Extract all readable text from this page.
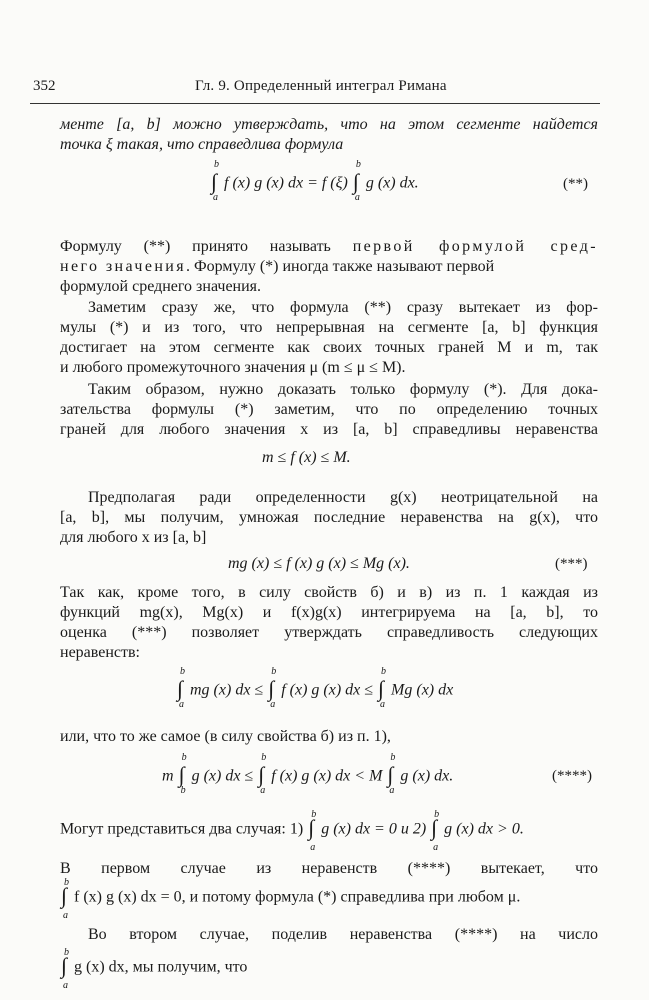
352	Гл. 9. Определенный интеграл Римана
менте [a, b] можно утверждать, что на этом сегменте найдется
точка ξ такая, что справедлива формула
∫
b
a
f (x) g (x) dx = f (ξ) ∫
b
a
g (x) dx.	(**)
Формулу (**) принято называть первой формулой сред-
него значения. Формулу (*) иногда также называют первой
формулой среднего значения.
Заметим сразу же, что формула (**) сразу вытекает из фор-
мулы (*) и из того, что непрерывная на сегменте [a, b] функция
достигает на этом сегменте как своих точных граней M и m, так
и любого промежуточного значения μ (m ≤ μ ≤ M).
Таким образом, нужно доказать только формулу (*). Для дока-
зательства формулы (*) заметим, что по определению точных
граней для любого значения x из [a, b] справедливы неравенства
m ≤ f (x) ≤ M.
Предполагая ради определенности g(x) неотрицательной на
[a, b], мы получим, умножая последние неравенства на g(x), что
для любого x из [a, b]
mg (x) ≤ f (x) g (x) ≤ Mg (x).	(***)
Так как, кроме того, в силу свойств б) и в) из п. 1 каждая из
функций mg(x), Mg(x) и f(x)g(x) интегрируема на [a, b], то
оценка (***) позволяет утверждать справедливость следующих
неравенств:
∫
b
a
mg (x) dx ≤ ∫
b
a
f (x) g (x) dx ≤ ∫
b
a
Mg (x) dx
или, что то же самое (в силу свойства б) из п. 1),
m ∫
b
b
g (x) dx ≤ ∫
b
a
f (x) g (x) dx < M ∫
b
a
g (x) dx.	(****)
Могут представиться два случая: 1) ∫
b
a
g (x) dx = 0 и 2) ∫
b
a
g (x) dx > 0.
В первом случае из неравенств (****) вытекает, что
∫
b
a
f (x) g (x) dx = 0, и потому формула (*) справедлива при любом μ.
Во втором случае, поделив неравенства (****) на число
∫
b
a
g (x) dx, мы получим, что
